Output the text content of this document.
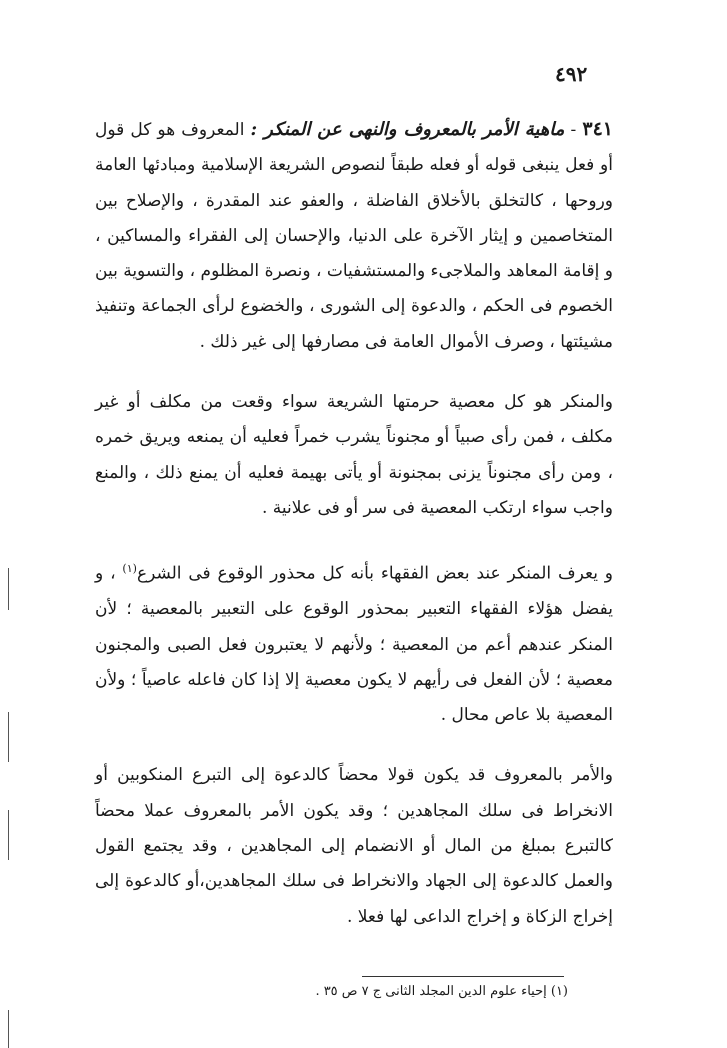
٤٩٢

٣٤١ - ماهية الأمر بالمعروف والنهى عن المنكر : المعروف هو كل قول أو فعل ينبغى قوله أو فعله طبقاً لنصوص الشريعة الإسلامية ومبادئها العامة وروحها ، كالتخلق بالأخلاق الفاضلة ، والعفو عند المقدرة ، والإصلاح بين المتخاصمين و إيثار الآخرة على الدنيا، والإحسان إلى الفقراء والمساكين ، و إقامة المعاهد والملاجىء والمستشفيات ، ونصرة المظلوم ، والتسوية بين الخصوم فى الحكم ، والدعوة إلى الشورى ، والخضوع لرأى الجماعة وتنفيذ مشيئتها ، وصرف الأموال العامة فى مصارفها إلى غير ذلك .

والمنكر هو كل معصية حرمتها الشريعة سواء وقعت من مكلف أو غير مكلف ، فمن رأى صبياً أو مجنوناً يشرب خمراً فعليه أن يمنعه ويريق خمره ، ومن رأى مجنوناً يزنى بمجنونة أو يأتى بهيمة فعليه أن يمنع ذلك ، والمنع واجب سواء ارتكب المعصية فى سر أو فى علانية .

و يعرف المنكر عند بعض الفقهاء بأنه كل محذور الوقوع فى الشرع$^{(١)}$ ، و يفضل هؤلاء الفقهاء التعبير بمحذور الوقوع على التعبير بالمعصية ؛ لأن المنكر عندهم أعم من المعصية ؛ ولأنهم لا يعتبرون فعل الصبى والمجنون معصية ؛ لأن الفعل فى رأيهم لا يكون معصية إلا إذا كان فاعله عاصياً ؛ ولأن المعصية بلا عاص محال .

والأمر بالمعروف قد يكون قولا محضاً كالدعوة إلى التبرع المنكوبين أو الانخراط فى سلك المجاهدين ؛ وقد يكون الأمر بالمعروف عملا محضاً كالتبرع بمبلغ من المال أو الانضمام إلى المجاهدين ، وقد يجتمع القول والعمل كالدعوة إلى الجهاد والانخراط فى سلك المجاهدين،أو كالدعوة إلى إخراج الزكاة و إخراج الداعى لها فعلا .

(١) إحياء علوم الدين المجلد الثانى ج ٧ ص ٣٥ .
